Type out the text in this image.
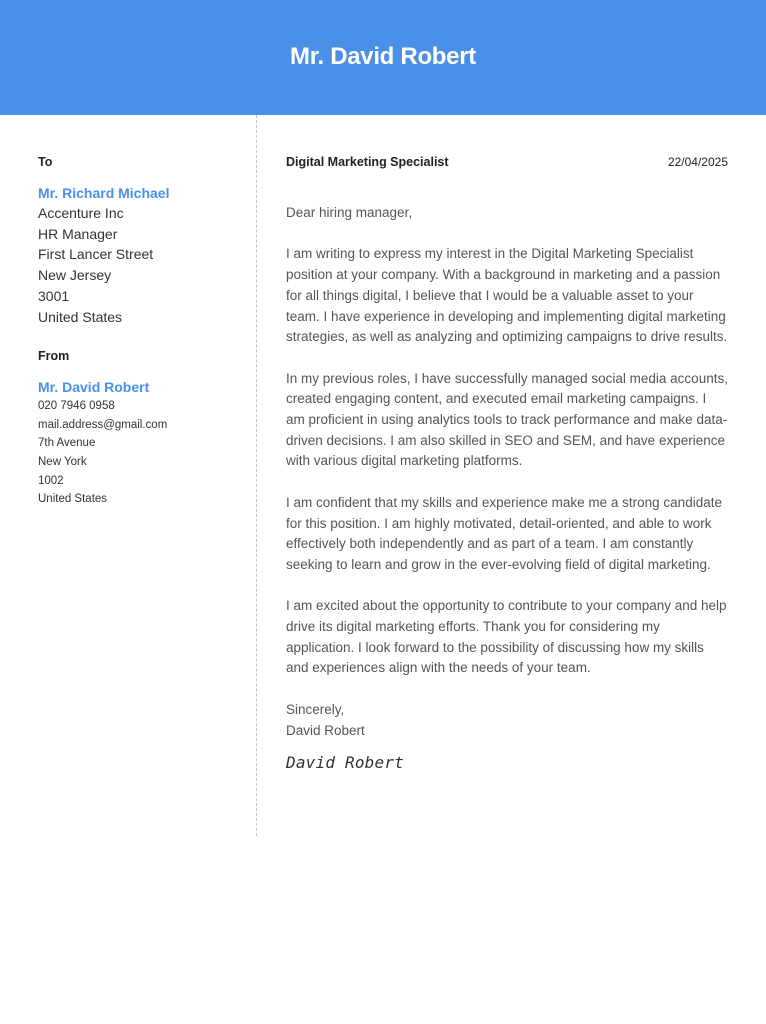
Mr. David Robert
To
Mr. Richard Michael
Accenture Inc
HR Manager
First Lancer Street
New Jersey
3001
United States
From
Mr. David Robert
020 7946 0958
mail.address@gmail.com
7th Avenue
New York
1002
United States
Digital Marketing Specialist	22/04/2025
Dear hiring manager,
I am writing to express my interest in the Digital Marketing Specialist position at your company. With a background in marketing and a passion for all things digital, I believe that I would be a valuable asset to your team. I have experience in developing and implementing digital marketing strategies, as well as analyzing and optimizing campaigns to drive results.
In my previous roles, I have successfully managed social media accounts, created engaging content, and executed email marketing campaigns. I am proficient in using analytics tools to track performance and make data-driven decisions. I am also skilled in SEO and SEM, and have experience with various digital marketing platforms.
I am confident that my skills and experience make me a strong candidate for this position. I am highly motivated, detail-oriented, and able to work effectively both independently and as part of a team. I am constantly seeking to learn and grow in the ever-evolving field of digital marketing.
I am excited about the opportunity to contribute to your company and help drive its digital marketing efforts. Thank you for considering my application. I look forward to the possibility of discussing how my skills and experiences align with the needs of your team.
Sincerely,
David Robert
David Robert
